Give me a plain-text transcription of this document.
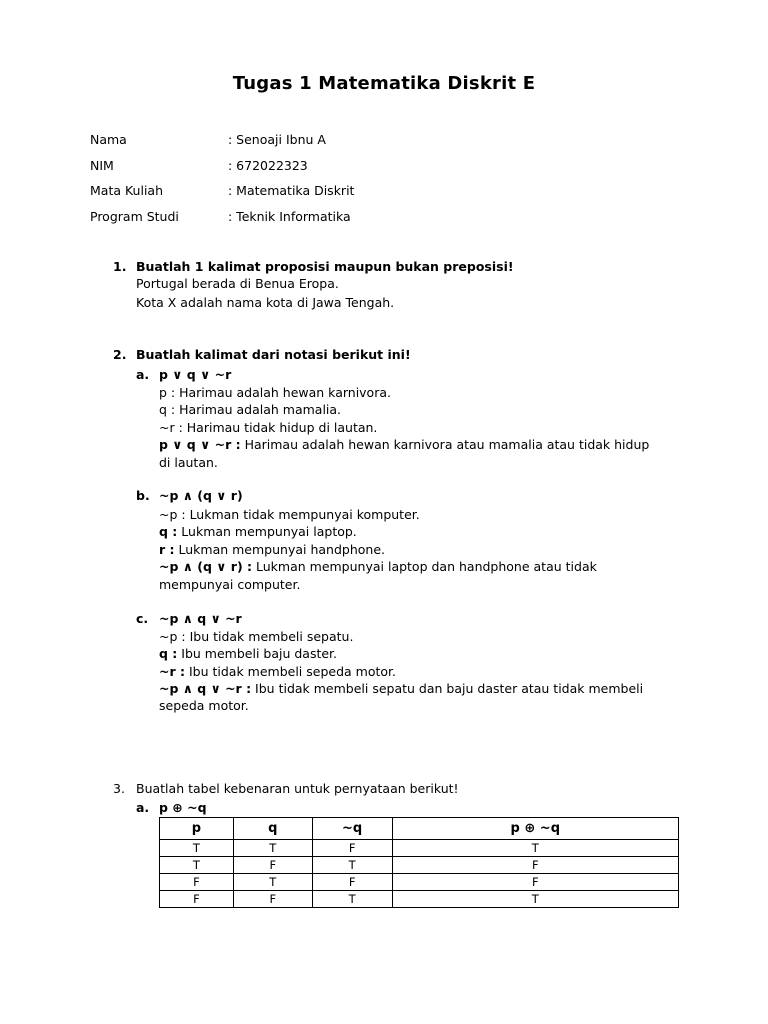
Tugas 1 Matematika Diskrit E
Nama	: Senoaji Ibnu A
NIM	: 672022323
Mata Kuliah	: Matematika Diskrit
Program Studi	: Teknik Informatika
1. Buatlah 1 kalimat proposisi maupun bukan preposisi!
Portugal berada di Benua Eropa.
Kota X adalah nama kota di Jawa Tengah.
2. Buatlah kalimat dari notasi berikut ini!
a. p ∨ q ∨ ~r
p : Harimau adalah hewan karnivora.
q : Harimau adalah mamalia.
~r : Harimau tidak hidup di lautan.
p ∨ q ∨ ~r : Harimau adalah hewan karnivora atau mamalia atau tidak hidup
di lautan.
b. ~p ∧ (q ∨ r)
~p : Lukman tidak mempunyai komputer.
q : Lukman mempunyai laptop.
r : Lukman mempunyai handphone.
~p ∧ (q ∨ r) : Lukman mempunyai laptop dan handphone atau tidak
mempunyai computer.
c. ~p ∧ q ∨ ~r
~p : Ibu tidak membeli sepatu.
q : Ibu membeli baju daster.
~r : Ibu tidak membeli sepeda motor.
~p ∧ q ∨ ~r : Ibu tidak membeli sepatu dan baju daster atau tidak membeli
sepeda motor.
3. Buatlah tabel kebenaran untuk pernyataan berikut!
a. p ⊕ ~q
p	q	~q	p ⊕ ~q
T	T	F	T
T	F	T	F
F	T	F	F
F	F	T	T
